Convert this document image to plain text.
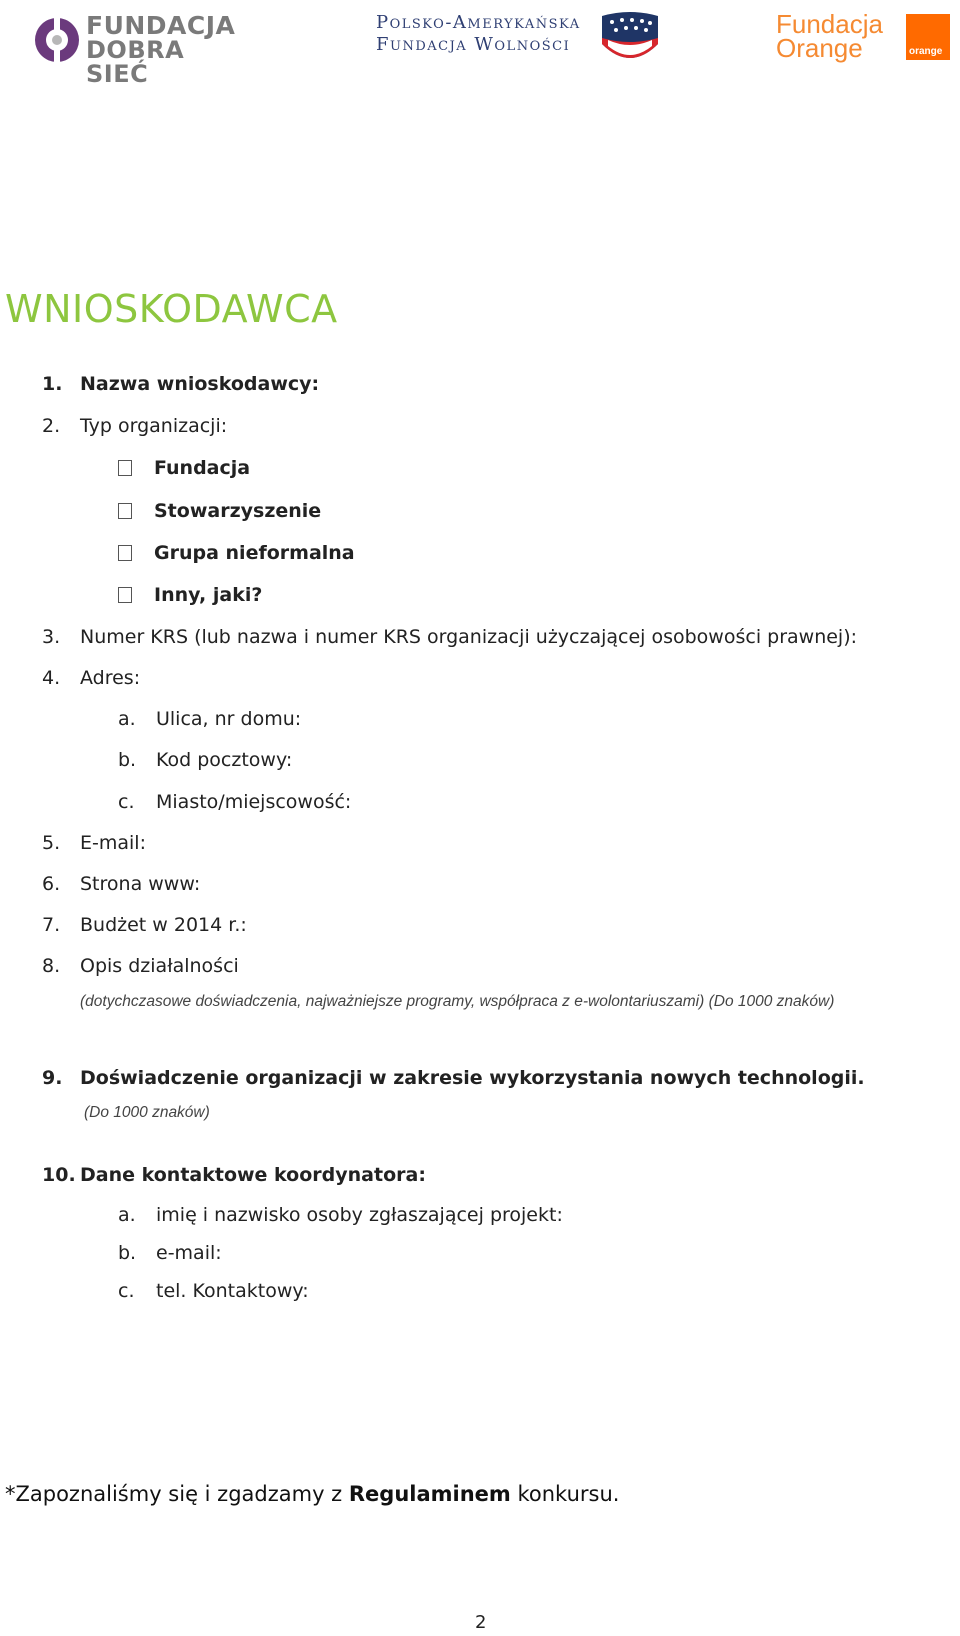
FUNDACJA
DOBRA SIEĆ
Polsko-Amerykańska
Fundacja Wolności
Fundacja
Orange	orange
WNIOSKODAWCA
1. Nazwa wnioskodawcy:
2. Typ organizacji:
Fundacja
Stowarzyszenie
Grupa nieformalna
Inny, jaki?
3. Numer KRS (lub nazwa i numer KRS organizacji użyczającej osobowości prawnej):
4. Adres:
a. Ulica, nr domu:
b. Kod pocztowy:
c. Miasto/miejscowość:
5. E-mail:
6. Strona www:
7. Budżet w 2014 r.:
8. Opis działalności
(dotychczasowe doświadczenia, najważniejsze programy, współpraca z e-wolontariuszami) (Do 1000 znaków)
9. Doświadczenie organizacji w zakresie wykorzystania nowych technologii.
(Do 1000 znaków)
10. Dane kontaktowe koordynatora:
a. imię i nazwisko osoby zgłaszającej projekt:
b. e-mail:
c. tel. Kontaktowy:
*Zapoznaliśmy się i zgadzamy z Regulaminem konkursu.
2
